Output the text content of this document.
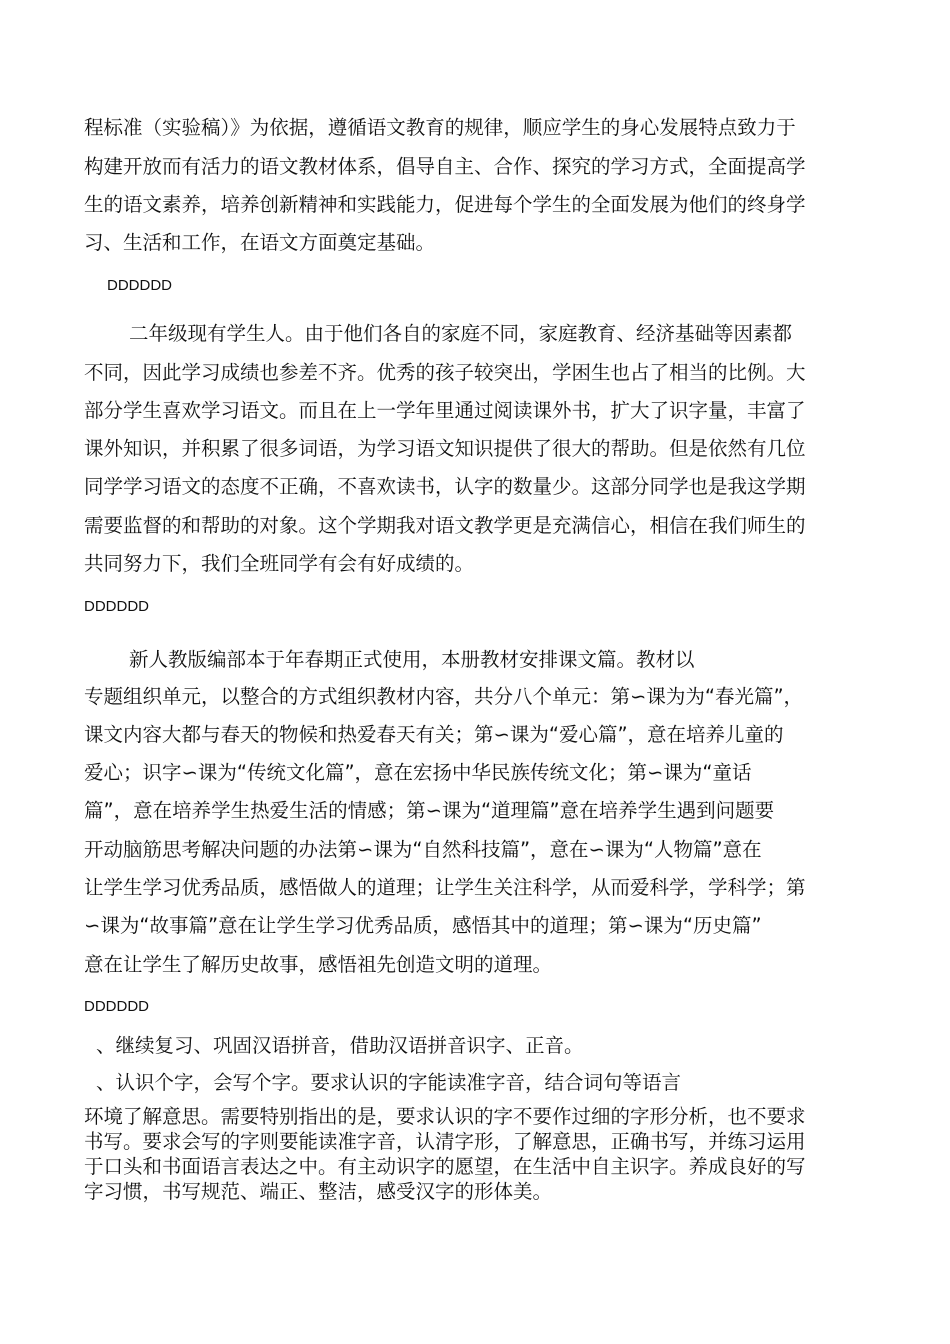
程标准（实验稿）》为依据，遵循语文教育的规律，顺应学生的身心发展特点致力于
构建开放而有活力的语文教材体系，倡导自主、合作、探究的学习方式，全面提高学
生的语文素养，培养创新精神和实践能力，促进每个学生的全面发展为他们的终身学
习、生活和工作，在语文方面奠定基础。
DDDDDD
二年级现有学生人。由于他们各自的家庭不同，家庭教育、经济基础等因素都
不同，因此学习成绩也参差不齐。优秀的孩子较突出，学困生也占了相当的比例。大
部分学生喜欢学习语文。而且在上一学年里通过阅读课外书，扩大了识字量，丰富了
课外知识，并积累了很多词语，为学习语文知识提供了很大的帮助。但是依然有几位
同学学习语文的态度不正确，不喜欢读书，认字的数量少。这部分同学也是我这学期
需要监督的和帮助的对象。这个学期我对语文教学更是充满信心，相信在我们师生的
共同努力下，我们全班同学有会有好成绩的。
DDDDDD
新人教版编部本于年春期正式使用，本册教材安排课文篇。教材以
专题组织单元，以整合的方式组织教材内容，共分八个单元：第∽课为为“春光篇”，
课文内容大都与春天的物候和热爱春天有关；第∽课为“爱心篇”，意在培养儿童的
爱心；识字∽课为“传统文化篇”，意在宏扬中华民族传统文化；第∽课为“童话
篇”，意在培养学生热爱生活的情感；第∽课为“道理篇”意在培养学生遇到问题要
开动脑筋思考解决问题的办法第∽课为“自然科技篇”，意在∽课为“人物篇”意在
让学生学习优秀品质，感悟做人的道理；让学生关注科学，从而爱科学，学科学；第
∽课为“故事篇”意在让学生学习优秀品质，感悟其中的道理；第∽课为“历史篇”
意在让学生了解历史故事，感悟祖先创造文明的道理。
DDDDDD
、继续复习、巩固汉语拼音，借助汉语拼音识字、正音。
、认识个字，会写个字。要求认识的字能读准字音，结合词句等语言
环境了解意思。需要特别指出的是，要求认识的字不要作过细的字形分析，也不要求
书写。要求会写的字则要能读准字音，认清字形，了解意思，正确书写，并练习运用
于口头和书面语言表达之中。有主动识字的愿望，在生活中自主识字。养成良好的写
字习惯，书写规范、端正、整洁，感受汉字的形体美。
